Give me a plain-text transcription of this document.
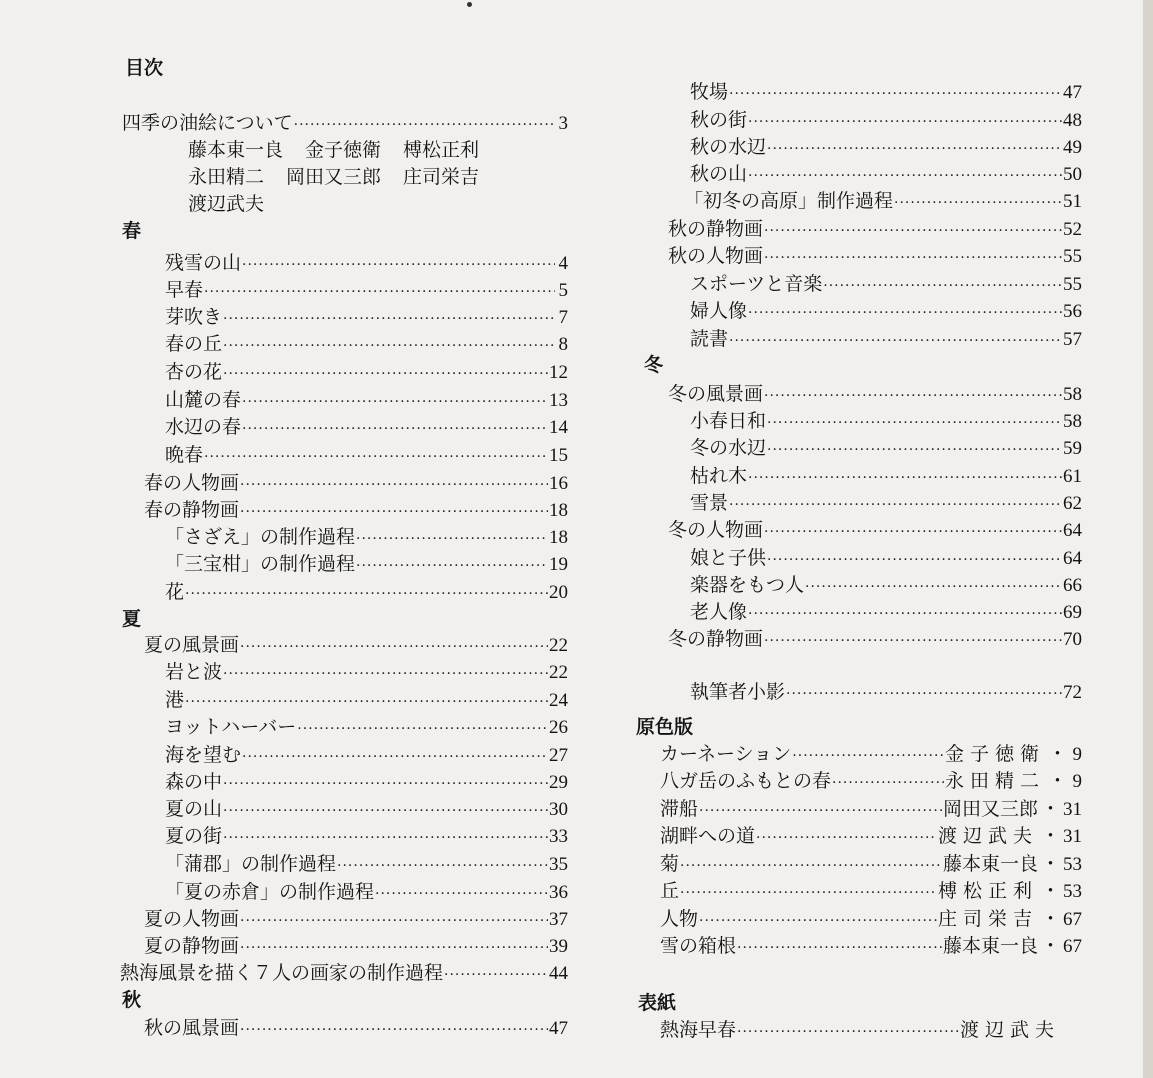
目次
四季の油絵について ·····	3
藤本東一良 金子徳衛 榑松正利
永田精二 岡田又三郎 庄司栄吉
渡辺武夫
春
残雪の山 ·····	4
早春 ·····	5
芽吹き ·····	7
春の丘 ·····	8
杏の花 ·····	12
山麓の春 ·····	13
水辺の春 ·····	14
晩春 ·····	15
春の人物画 ·····	16
春の静物画 ·····	18
「さざえ」の制作過程 ·····	18
「三宝柑」の制作過程 ·····	19
花 ·····	20
夏
夏の風景画 ·····	22
岩と波 ·····	22
港 ·····	24
ヨットハーバー ·····	26
海を望む ·····	27
森の中 ·····	29
夏の山 ·····	30
夏の街 ·····	33
「蒲郡」の制作過程 ·····	35
「夏の赤倉」の制作過程 ·····	36
夏の人物画 ·····	37
夏の静物画 ·····	39
熱海風景を描く７人の画家の制作過程 ·····	44
秋
秋の風景画 ·····	47
牧場 ·····	47
秋の街 ·····	48
秋の水辺 ·····	49
秋の山 ·····	50
「初冬の高原」制作過程 ·····	51
秋の静物画 ·····	52
秋の人物画 ·····	55
スポーツと音楽 ·····	55
婦人像 ·····	56
読書 ·····	57
冬
冬の風景画 ·····	58
小春日和 ·····	58
冬の水辺 ·····	59
枯れ木 ·····	61
雪景 ·····	62
冬の人物画 ·····	64
娘と子供 ·····	64
楽器をもつ人 ·····	66
老人像 ·····	69
冬の静物画 ·····	70
執筆者小影 ·····	72
原色版
カーネーション ·····	金子徳衛 ・ 9
八ガ岳のふもとの春 ·····	永田精二 ・ 9
滞船 ·····	岡田又三郎 ・ 31
湖畔への道 ·····	渡辺武夫 ・ 31
菊 ·····	藤本東一良 ・ 53
丘 ·····	榑松正利 ・ 53
人物 ·····	庄司栄吉 ・ 67
雪の箱根 ·····	藤本東一良 ・ 67
表紙
熱海早春 ·····	渡辺武夫
